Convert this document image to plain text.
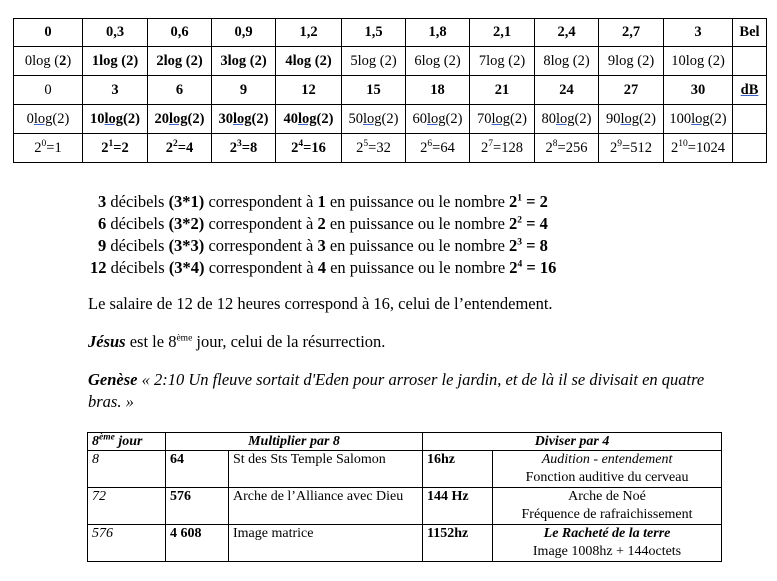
0	0,3	0,6	0,9	1,2	1,5	1,8	2,1	2,4	2,7	3	Bel
0log (2)	1log (2)	2log (2)	3log (2)	4log (2)	5log (2)	6log (2)	7log (2)	8log (2)	9log (2)	10log (2)	
0	3	6	9	12	15	18	21	24	27	30	dB
0log(2)	10log(2)	20log(2)	30log(2)	40log(2)	50log(2)	60log(2)	70log(2)	80log(2)	90log(2)	100log(2)	
$2^0=1$	$2^1=2$	$2^2=4$	$2^3=8$	$2^4=16$	$2^5=32$	$2^6=64$	$2^7=128$	$2^8=256$	$2^9=512$	$2^{10}=1024$	

3 décibels (3*1) correspondent à 1 en puissance ou le nombre $2^1 = 2$

6 décibels (3*2) correspondent à 2 en puissance ou le nombre $2^2 = 4$

9 décibels (3*3) correspondent à 3 en puissance ou le nombre $2^3 = 8$

12 décibels (3*4) correspondent à 4 en puissance ou le nombre $2^4 = 16$

Le salaire de 12 de 12 heures correspond à 16, celui de l’entendement.

Jésus est le 8ème jour, celui de la résurrection.

Genèse « 2:10 Un fleuve sortait d'Eden pour arroser le jardin, et de là il se divisait en quatre bras. »

8ème jour	Multiplier par 8		Diviser par 4	
8	64	St des Sts Temple Salomon	16hz	Audition - entendement
Fonction auditive du cerveau

72	576	Arche de l’Alliance avec Dieu	144 Hz	Arche de Noé
Fréquence de rafraichissement

576	4 608	Image matrice	1152hz	Le Racheté de la terre
Image 1008hz + 144octets
